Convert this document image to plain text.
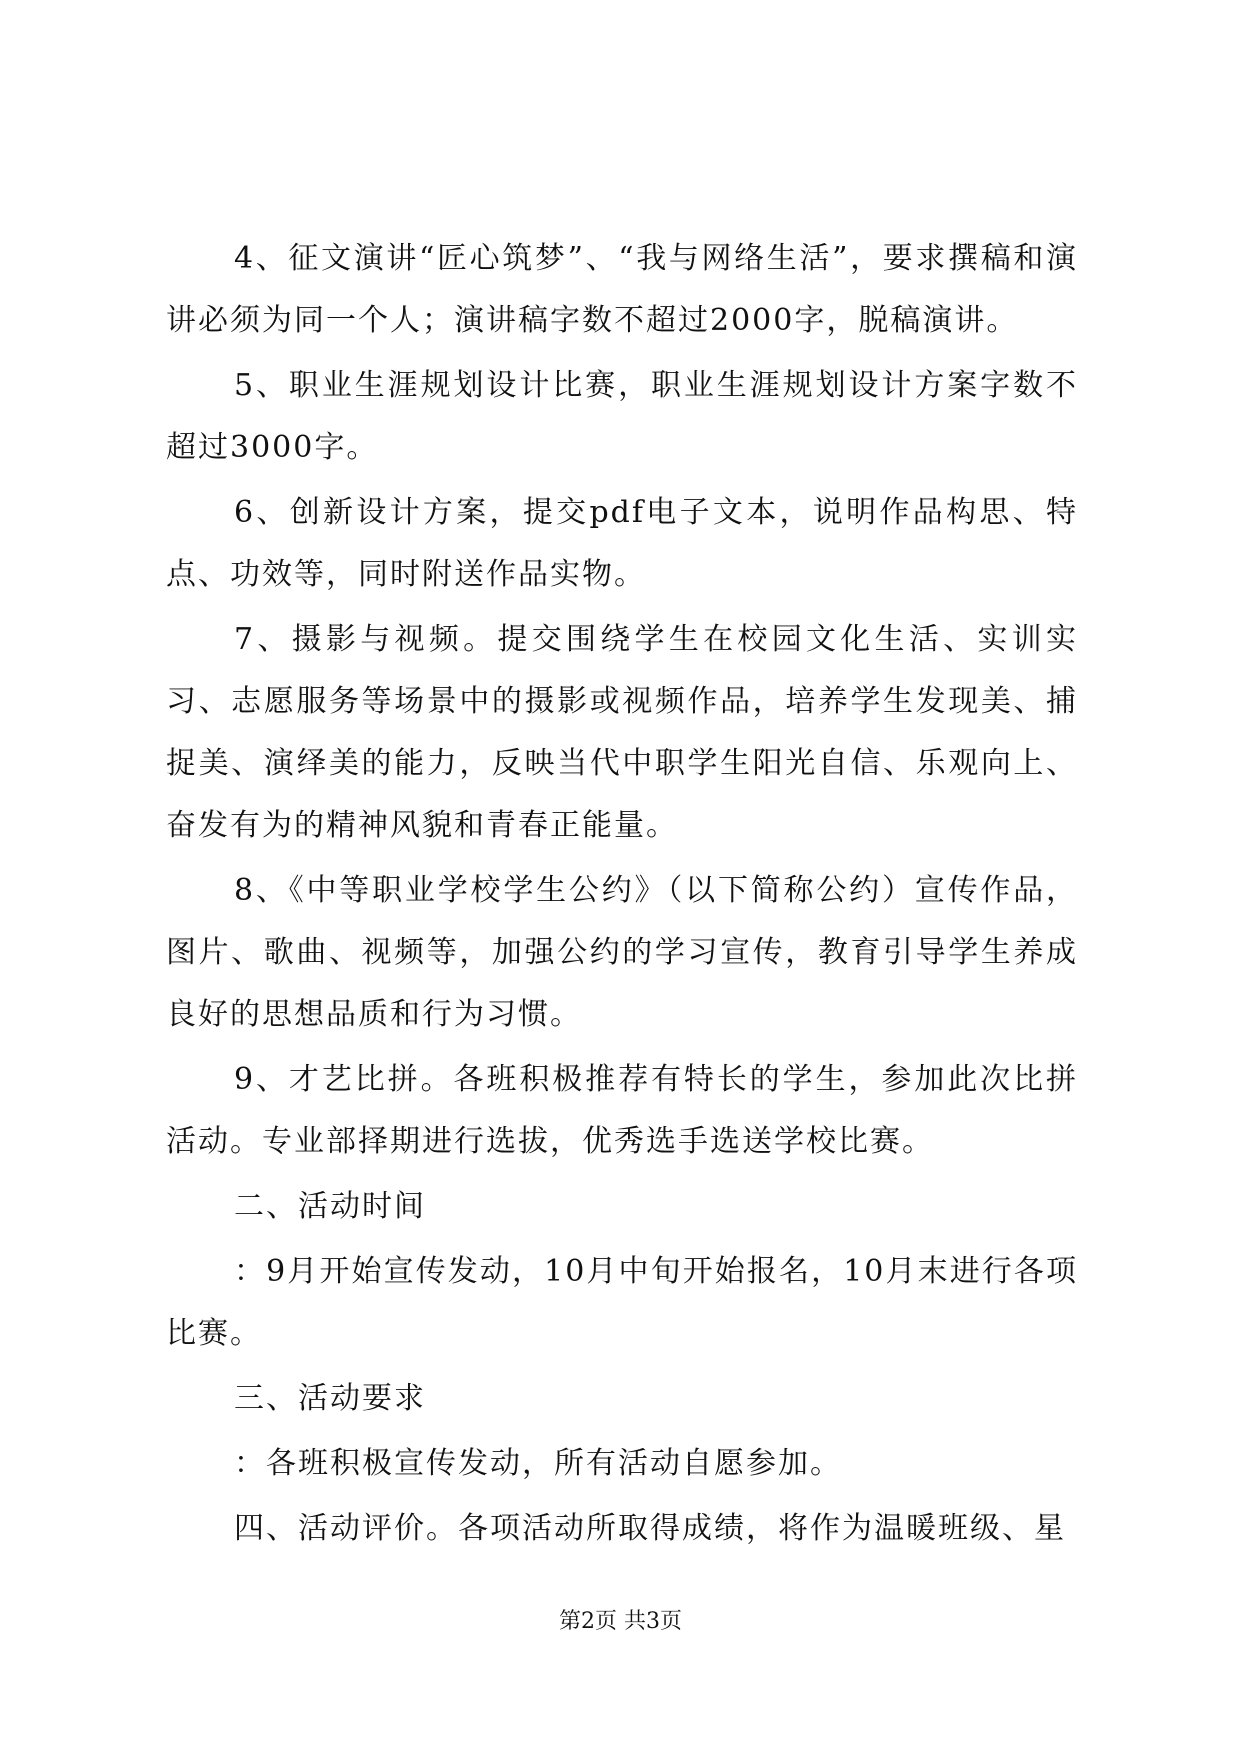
4、征文演讲“匠心筑梦”、“我与网络生活”，要求撰稿和演讲必须为同一个人；演讲稿字数不超过2000字，脱稿演讲。

5、职业生涯规划设计比赛，职业生涯规划设计方案字数不超过3000字。

6、创新设计方案，提交pdf电子文本，说明作品构思、特点、功效等，同时附送作品实物。

7、摄影与视频。提交围绕学生在校园文化生活、实训实习、志愿服务等场景中的摄影或视频作品，培养学生发现美、捕捉美、演绎美的能力，反映当代中职学生阳光自信、乐观向上、奋发有为的精神风貌和青春正能量。

8、《中等职业学校学生公约》（以下简称公约）宣传作品，图片、歌曲、视频等，加强公约的学习宣传，教育引导学生养成良好的思想品质和行为习惯。

9、才艺比拼。各班积极推荐有特长的学生，参加此次比拼活动。专业部择期进行选拔，优秀选手选送学校比赛。

二、活动时间

：9月开始宣传发动，10月中旬开始报名，10月末进行各项比赛。

三、活动要求

：各班积极宣传发动，所有活动自愿参加。

四、活动评价。各项活动所取得成绩，将作为温暖班级、星

第2页 共3页
